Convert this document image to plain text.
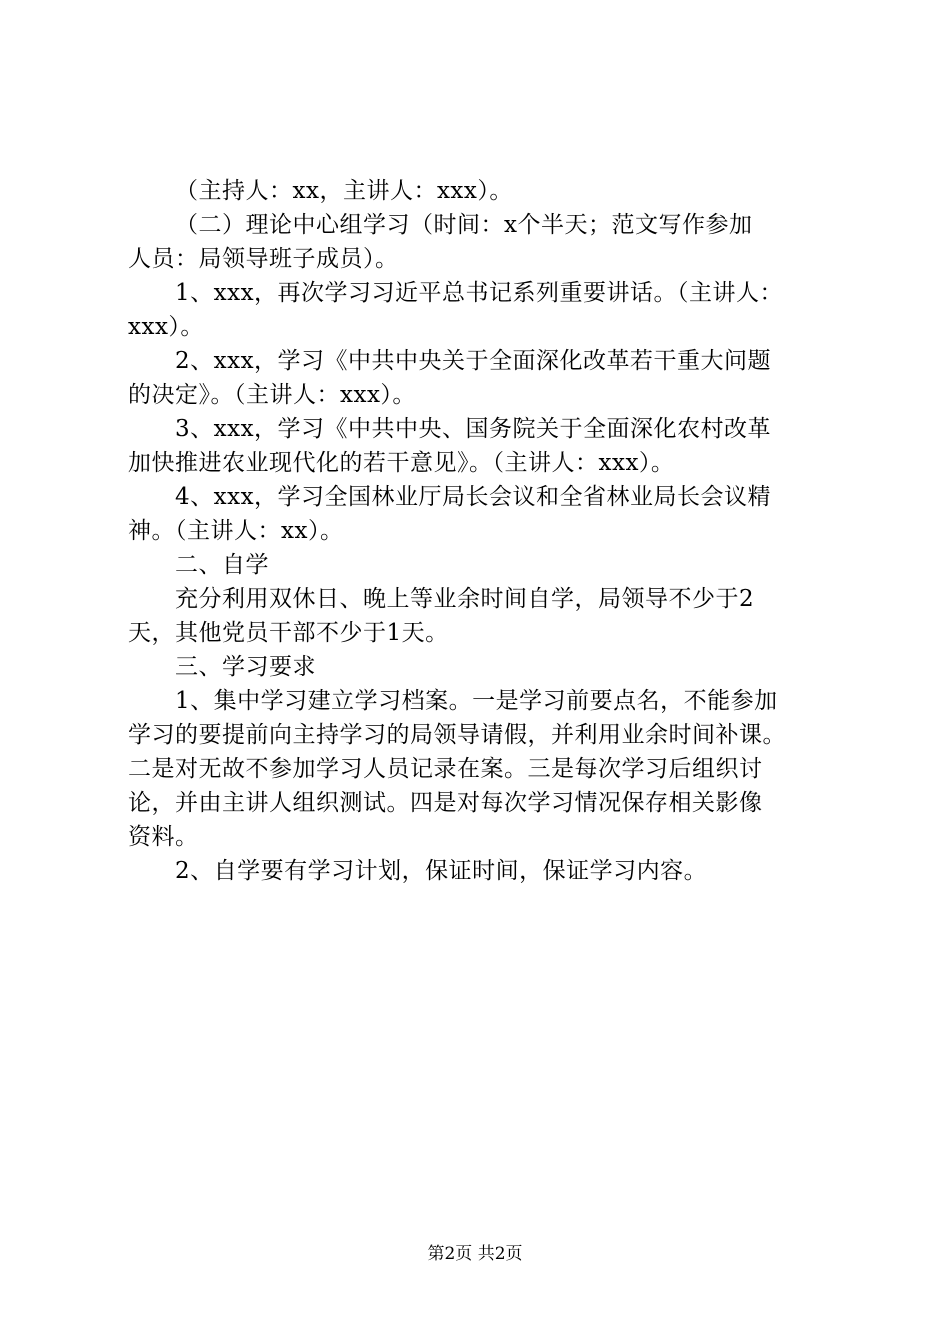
（主持人：xx，主讲人：xxx）。
（二）理论中心组学习（时间：x个半天；范文写作参加
人员：局领导班子成员）。
1、xxx，再次学习习近平总书记系列重要讲话。（主讲人：
xxx）。
2、xxx，学习《中共中央关于全面深化改革若干重大问题
的决定》。（主讲人：xxx）。
3、xxx，学习《中共中央、国务院关于全面深化农村改革
加快推进农业现代化的若干意见》。（主讲人：xxx）。
4、xxx，学习全国林业厅局长会议和全省林业局长会议精
神。（主讲人：xx）。
二、自学
充分利用双休日、晚上等业余时间自学，局领导不少于2
天，其他党员干部不少于1天。
三、学习要求
1、集中学习建立学习档案。一是学习前要点名，不能参加
学习的要提前向主持学习的局领导请假，并利用业余时间补课。
二是对无故不参加学习人员记录在案。三是每次学习后组织讨
论，并由主讲人组织测试。四是对每次学习情况保存相关影像
资料。
2、自学要有学习计划，保证时间，保证学习内容。
第2页 共2页
